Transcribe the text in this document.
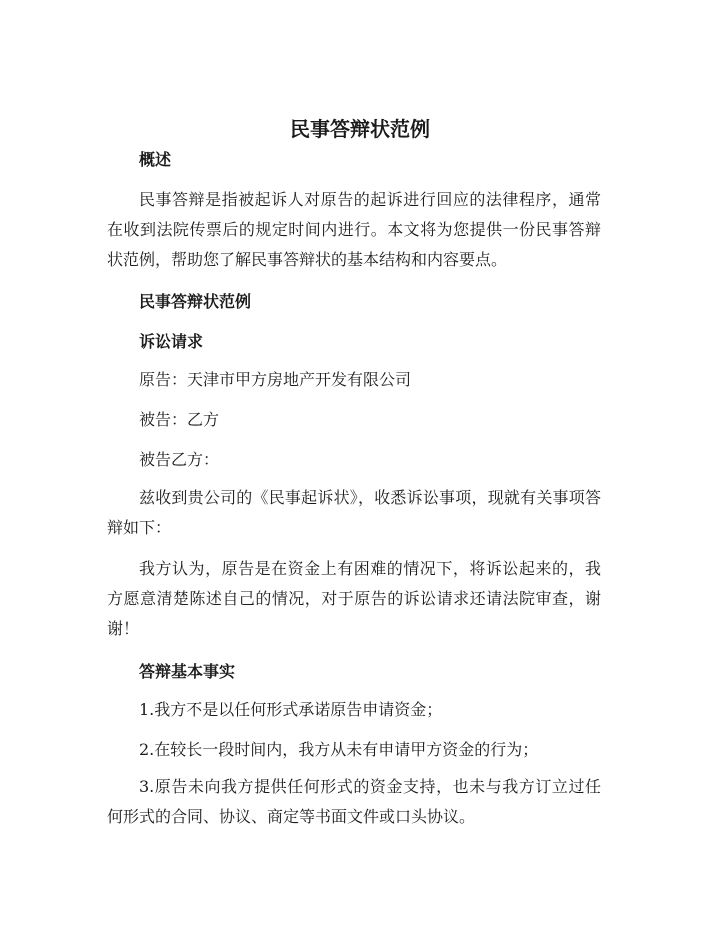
民事答辩状范例

概述

民事答辩是指被起诉人对原告的起诉进行回应的法律程序，通常在收到法院传票后的规定时间内进行。本文将为您提供一份民事答辩状范例，帮助您了解民事答辩状的基本结构和内容要点。

民事答辩状范例

诉讼请求

原告：天津市甲方房地产开发有限公司

被告：乙方

被告乙方：

兹收到贵公司的《民事起诉状》，收悉诉讼事项，现就有关事项答辩如下：

我方认为，原告是在资金上有困难的情况下，将诉讼起来的，我方愿意清楚陈述自己的情况，对于原告的诉讼请求还请法院审查，谢谢！

答辩基本事实

1.我方不是以任何形式承诺原告申请资金；

2.在较长一段时间内，我方从未有申请甲方资金的行为；

3.原告未向我方提供任何形式的资金支持，也未与我方订立过任何形式的合同、协议、商定等书面文件或口头协议。
